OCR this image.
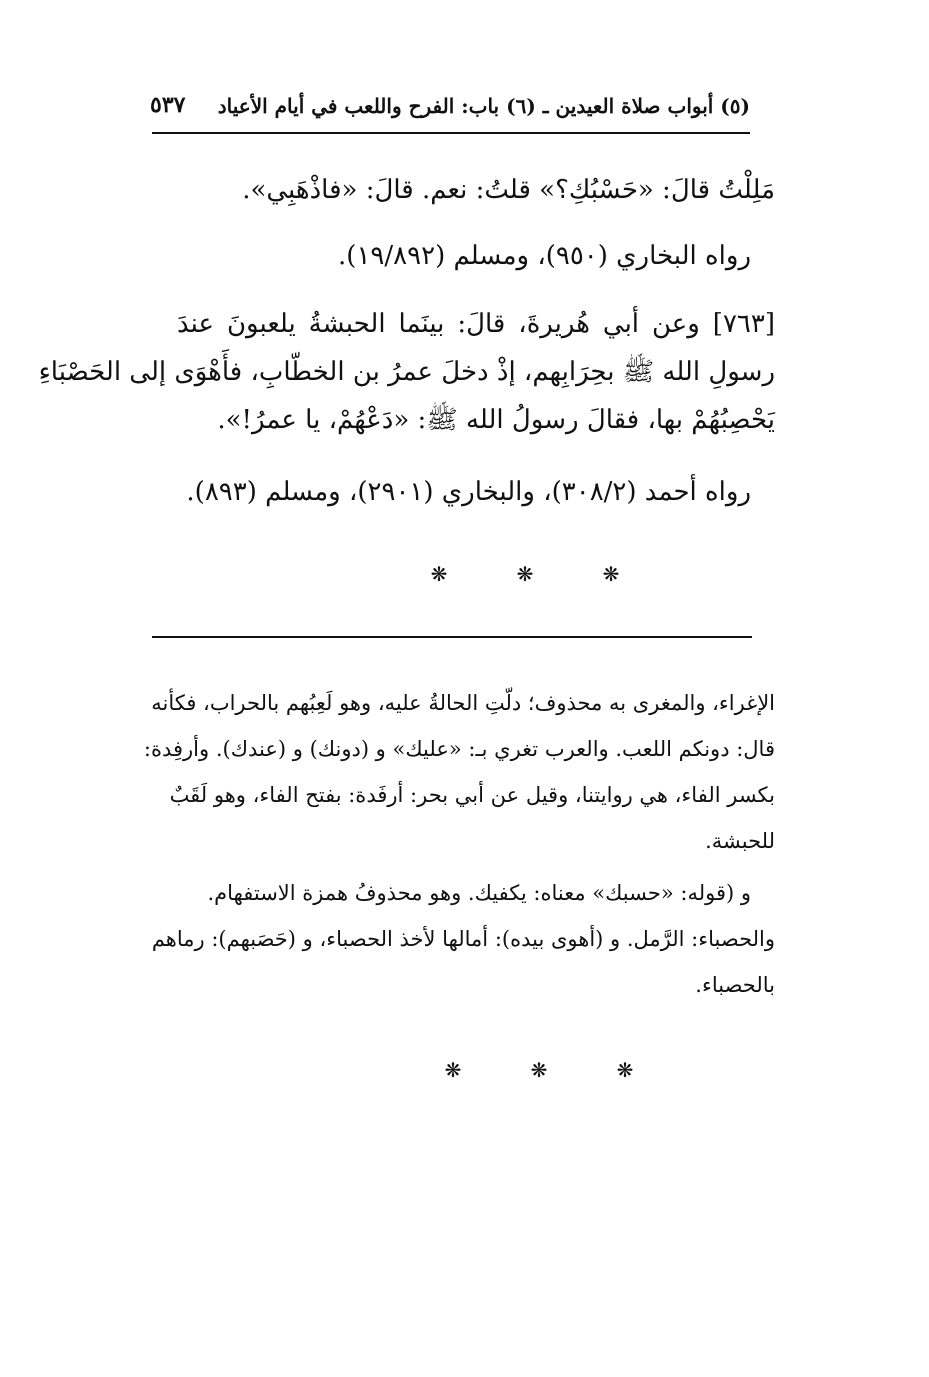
(٥) أبواب صلاة العيدين ـ (٦) باب: الفرح واللعب في أيام الأعياد
٥٣٧
مَلِلْتُ قالَ: «حَسْبُكِ؟» قلتُ: نعم. قالَ: «فاذْهَبِي».
رواه البخاري (٩٥٠)، ومسلم (١٩/٨٩٢).
[٧٦٣] وعن أبي هُريرةَ، قالَ: بينَما الحبشةُ يلعبونَ عندَ
رسولِ الله ﷺ بحِرَابِهم، إذْ دخلَ عمرُ بن الخطّابِ، فأَهْوَى إلى الحَصْبَاءِ
يَحْصِبُهُمْ بها، فقالَ رسولُ الله ﷺ: «دَعْهُمْ، يا عمرُ!».
رواه أحمد (٣٠٨/٢)، والبخاري (٢٩٠١)، ومسلم (٨٩٣).
❋
❋
❋
الإغراء، والمغرى به محذوف؛ دلّتِ الحالةُ عليه، وهو لَعِبُهم بالحراب، فكأنه
قال: دونكم اللعب. والعرب تغري بـ: «عليك» و (دونك) و (عندك). وأرفِدة:
بكسر الفاء، هي روايتنا، وقيل عن أبي بحر: أرفَدة: بفتح الفاء، وهو لَقَبٌ
للحبشة.
و (قوله: «حسبك» معناه: يكفيك. وهو محذوفُ همزة الاستفهام.
والحصباء: الرَّمل. و (أهوى بيده): أمالها لأخذ الحصباء، و (حَصَبهم): رماهم
بالحصباء.
❋
❋
❋
